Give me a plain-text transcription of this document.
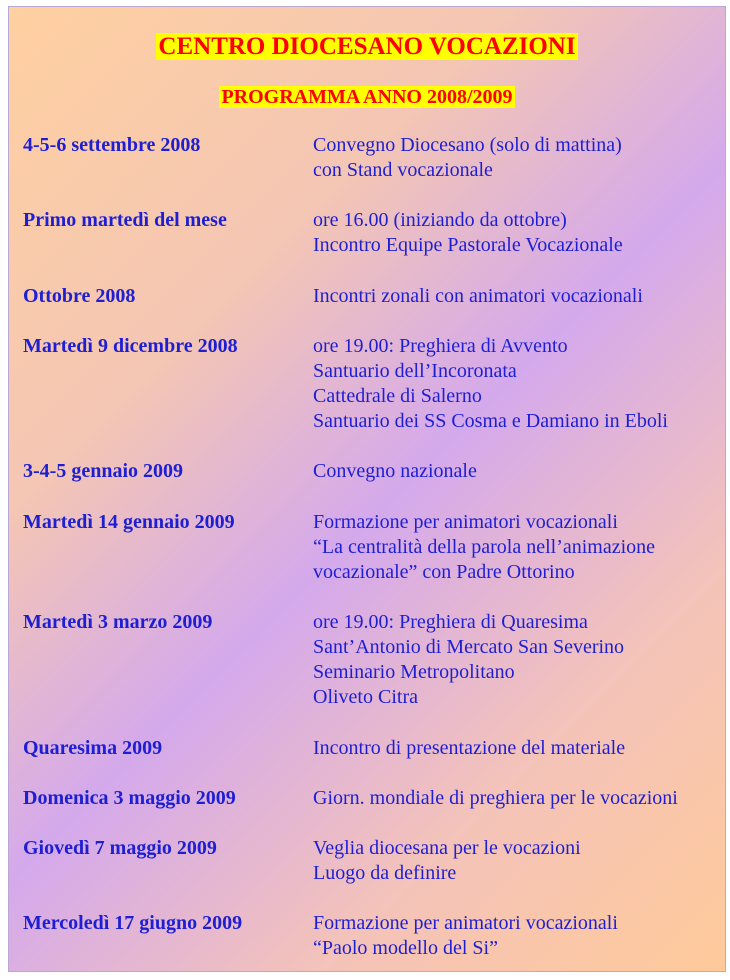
CENTRO DIOCESANO VOCAZIONI
PROGRAMMA ANNO 2008/2009
4-5-6 settembre 2008	Convegno Diocesano (solo di mattina)
con Stand vocazionale
Primo martedì del mese	ore 16.00 (iniziando da ottobre)
Incontro Equipe Pastorale Vocazionale
Ottobre 2008	Incontri zonali con animatori vocazionali
Martedì 9 dicembre 2008	ore 19.00: Preghiera di Avvento
Santuario dell’Incoronata
Cattedrale di Salerno
Santuario dei SS Cosma e Damiano in Eboli
3-4-5 gennaio 2009	Convegno nazionale
Martedì 14 gennaio 2009	Formazione per animatori vocazionali
“La centralità della parola nell’animazione
vocazionale” con Padre Ottorino
Martedì 3 marzo 2009	ore 19.00: Preghiera di Quaresima
Sant’Antonio di Mercato San Severino
Seminario Metropolitano
Oliveto Citra
Quaresima 2009	Incontro di presentazione del materiale
Domenica 3 maggio 2009	Giorn. mondiale di preghiera per le vocazioni
Giovedì 7 maggio 2009	Veglia diocesana per le vocazioni
Luogo da definire
Mercoledì 17 giugno 2009	Formazione per animatori vocazionali
“Paolo modello del Si”
